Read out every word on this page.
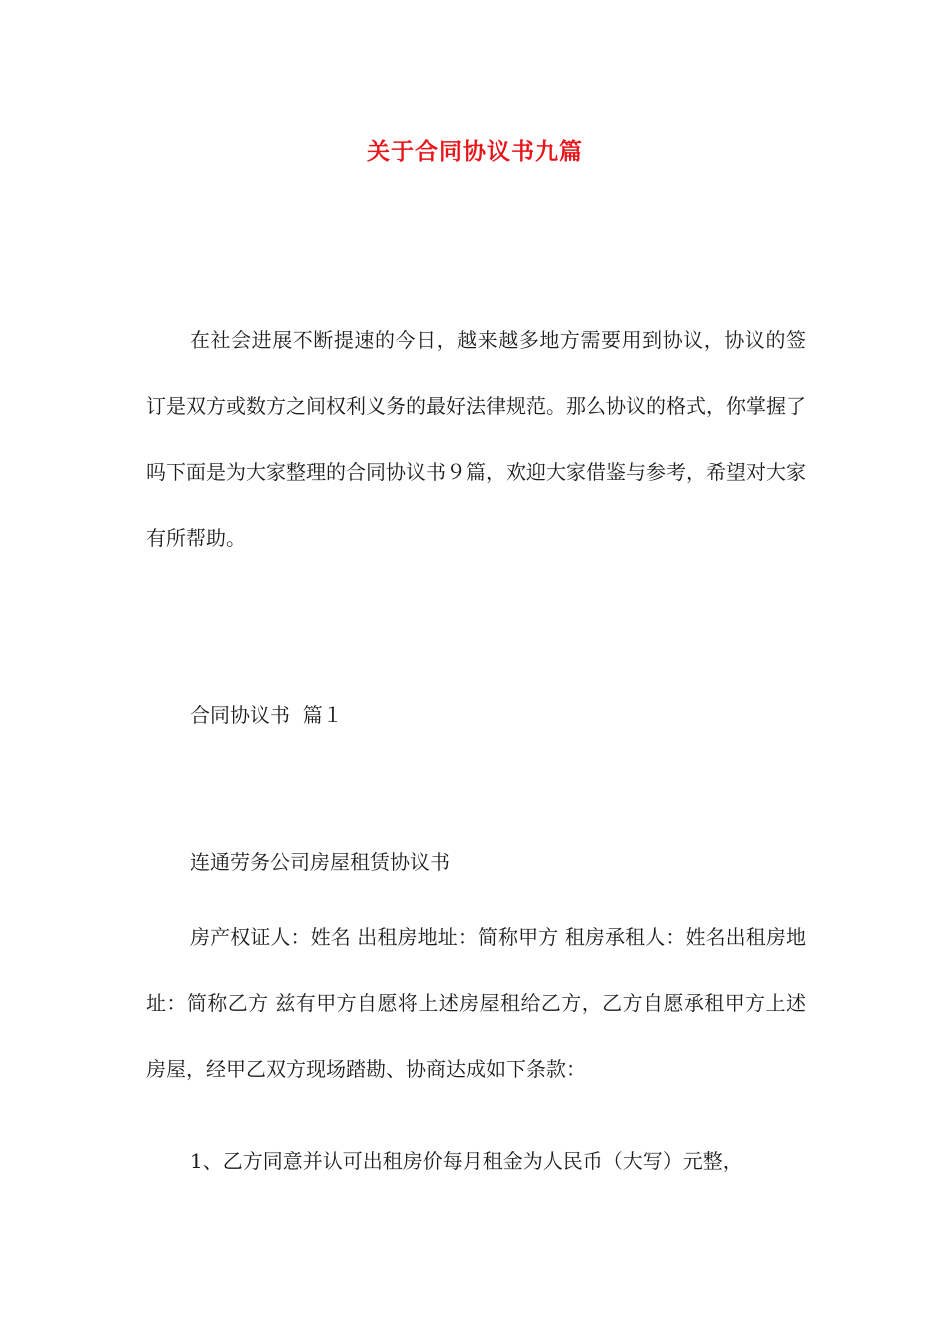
关于合同协议书九篇

在社会进展不断提速的今日，越来越多地方需要用到协议，协议的签订是双方或数方之间权利义务的最好法律规范。那么协议的格式，你掌握了吗下面是为大家整理的合同协议书９篇，欢迎大家借鉴与参考，希望对大家有所帮助。

合同协议书  篇１

连通劳务公司房屋租赁协议书

房产权证人：姓名 出租房地址：简称甲方 租房承租人：姓名出租房地址：简称乙方 兹有甲方自愿将上述房屋租给乙方，乙方自愿承租甲方上述房屋，经甲乙双方现场踏勘、协商达成如下条款：

1、乙方同意并认可出租房价每月租金为人民币（大写）元整，
